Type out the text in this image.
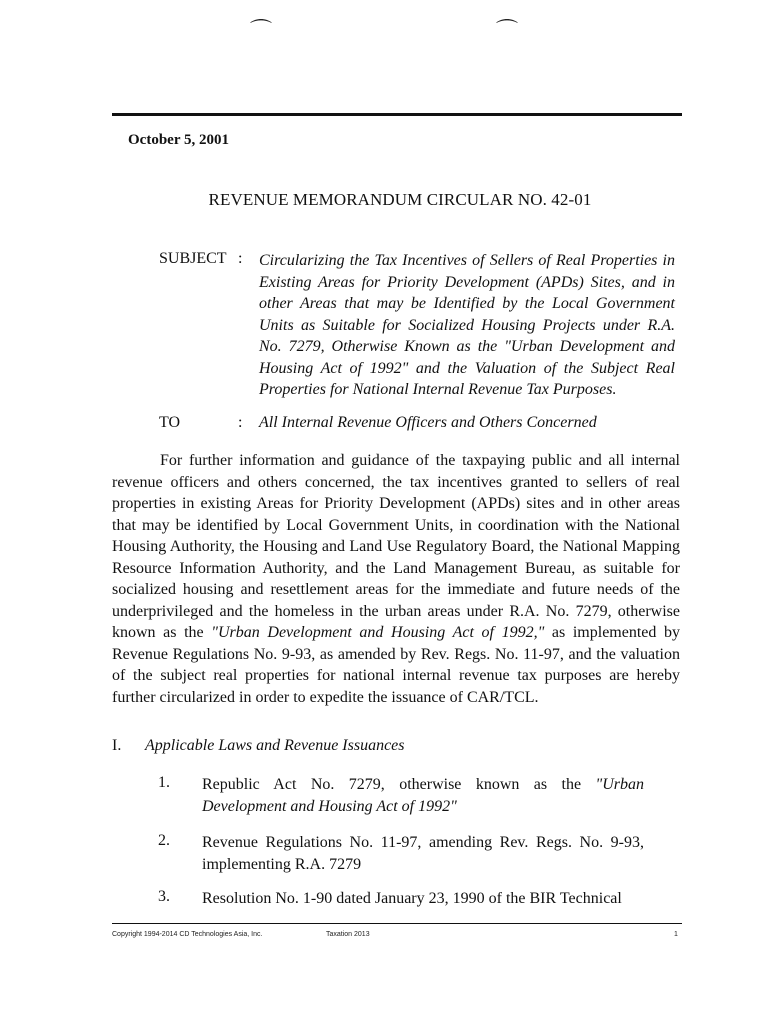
⌒	⌒
October 5, 2001
REVENUE MEMORANDUM CIRCULAR NO. 42-01
SUBJECT : Circularizing the Tax Incentives of Sellers of Real Properties in Existing Areas for Priority Development (APDs) Sites, and in other Areas that may be Identified by the Local Government Units as Suitable for Socialized Housing Projects under R.A. No. 7279, Otherwise Known as the "Urban Development and Housing Act of 1992" and the Valuation of the Subject Real Properties for National Internal Revenue Tax Purposes.
TO	: All Internal Revenue Officers and Others Concerned

For further information and guidance of the taxpaying public and all internal revenue officers and others concerned, the tax incentives granted to sellers of real properties in existing Areas for Priority Development (APDs) sites and in other areas that may be identified by Local Government Units, in coordination with the National Housing Authority, the Housing and Land Use Regulatory Board, the National Mapping Resource Information Authority, and the Land Management Bureau, as suitable for socialized housing and resettlement areas for the immediate and future needs of the underprivileged and the homeless in the urban areas under R.A. No. 7279, otherwise known as the "Urban Development and Housing Act of 1992," as implemented by Revenue Regulations No. 9-93, as amended by Rev. Regs. No. 11-97, and the valuation of the subject real properties for national internal revenue tax purposes are hereby further circularized in order to expedite the issuance of CAR/TCL.

I. Applicable Laws and Revenue Issuances
1. Republic Act No. 7279, otherwise known as the "Urban Development and Housing Act of 1992"
2. Revenue Regulations No. 11-97, amending Rev. Regs. No. 9-93, implementing R.A. 7279
3. Resolution No. 1-90 dated January 23, 1990 of the BIR Technical
Copyright 1994-2014 CD Technologies Asia, Inc.	Taxation 2013	1
